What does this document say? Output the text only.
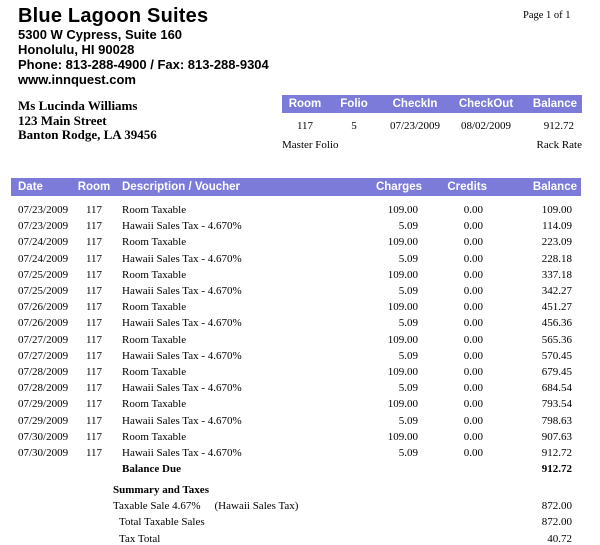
Blue Lagoon Suites
5300 W Cypress, Suite 160
Honolulu, HI 90028
Phone: 813-288-4900 / Fax: 813-288-9304
www.innquest.com
Page 1 of 1
Ms Lucinda Williams
123 Main Street
Banton Rodge, LA 39456
Room	Folio	CheckIn	CheckOut	Balance
117	5	07/23/2009	08/02/2009	912.72
Master Folio	Rack Rate
Date	Room	Description / Voucher	Charges	Credits	Balance
07/23/2009	117	Room Taxable	109.00	0.00	109.00
07/23/2009	117	Hawaii Sales Tax - 4.670%	5.09	0.00	114.09
07/24/2009	117	Room Taxable	109.00	0.00	223.09
07/24/2009	117	Hawaii Sales Tax - 4.670%	5.09	0.00	228.18
07/25/2009	117	Room Taxable	109.00	0.00	337.18
07/25/2009	117	Hawaii Sales Tax - 4.670%	5.09	0.00	342.27
07/26/2009	117	Room Taxable	109.00	0.00	451.27
07/26/2009	117	Hawaii Sales Tax - 4.670%	5.09	0.00	456.36
07/27/2009	117	Room Taxable	109.00	0.00	565.36
07/27/2009	117	Hawaii Sales Tax - 4.670%	5.09	0.00	570.45
07/28/2009	117	Room Taxable	109.00	0.00	679.45
07/28/2009	117	Hawaii Sales Tax - 4.670%	5.09	0.00	684.54
07/29/2009	117	Room Taxable	109.00	0.00	793.54
07/29/2009	117	Hawaii Sales Tax - 4.670%	5.09	0.00	798.63
07/30/2009	117	Room Taxable	109.00	0.00	907.63
07/30/2009	117	Hawaii Sales Tax - 4.670%	5.09	0.00	912.72
Balance Due	912.72
Summary and Taxes
Taxable Sale 4.67% (Hawaii Sales Tax)	872.00
Total Taxable Sales	872.00
Tax Total	40.72
